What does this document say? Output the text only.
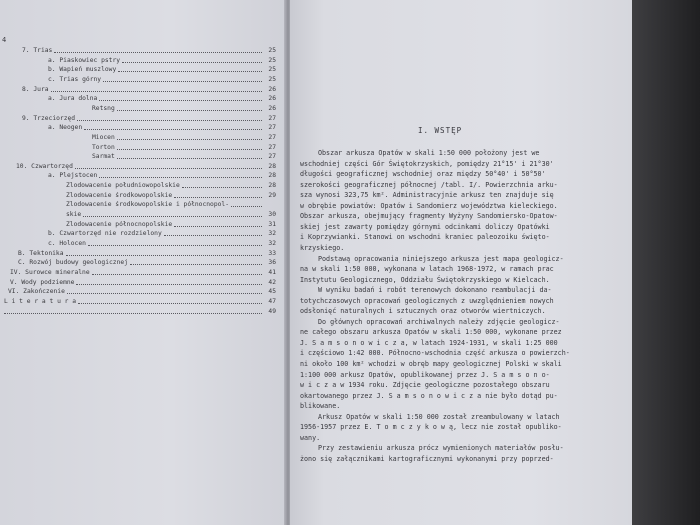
4
I. WSTĘP
7. Trias	25
a. Piaskowiec pstry	25
b. Wapień muszlowy	25
c. Trias górny	25
8. Jura	26
a. Jura dolna	26
Retsng	26
9. Trzeciorzęd	27
a. Neogen	27
Miocen	27
Torton	27
Sarmat	27
10. Czwartorzęd	28
a. Plejstocen	28
Zlodowacenie południowopolskie	28
Zlodowacenie środkowopolskie	29
Zlodowacenie środkowopolskie i północnopol-
skie	30
Zlodowacenie północnopolskie	31
b. Czwartorzęd nie rozdzielony	32
c. Holocen	32
B. Tektonika	33
C. Rozwój budowy geologicznej	36
IV. Surowce mineralne	41
V. Wody podziemne	42
VI. Zakończenie	45
L i t e r a t u r a	47
49
Obszar arkusza Opatów w skali 1:50 000 położony jest we
wschodniej części Gór Świętokrzyskich, pomiędzy 21°15' i 21°30'
długości geograficznej wschodniej oraz między 50°40' i 50°50'
szerokości geograficznej północnej /tabl. I/. Powierzchnia arku-
sza wynosi 323,75 km². Administracyjnie arkusz ten znajduje się
w obrębie powiatów: Opatów i Sandomierz województwa kieleckiego.
Obszar arkusza, obejmujący fragmenty Wyżyny Sandomiersko-Opatow-
skiej jest zawarty pomiędzy górnymi odcinkami doliczy Opatówki
i Koprzywianki. Stanowi on wschodni kraniec paleozoiku święto-
krzyskiego.
Podstawą opracowania niniejszego arkusza jest mapa geologicz-
na w skali 1:50 000, wykonana w latach 1968-1972, w ramach prac
Instytutu Geologicznego, Oddziału Świętokrzyskiego w Kielcach.
W wyniku badań i robót terenowych dokonano reambulacji da-
totychczasowych opracowań geologicznych z uwzględnieniem nowych
odsłonięć naturalnych i sztucznych oraz otworów wiertniczych.
Do głównych opracowań archiwalnych należy zdjęcie geologicz-
ne całego obszaru arkusza Opatów w skali 1:50 000, wykonane przez
J. S a m s o n o w i c z a, w latach 1924-1931, w skali 1:25 000
i częściowo 1:42 000. Północno-wschodnia część arkusza o powierzch-
ni około 100 km² wchodzi w obręb mapy geologicznej Polski w skali
1:100 000 arkusz Opatów, opublikowanej przez J. S a m s o n o-
w i c z a w 1934 roku. Zdjęcie geologiczne pozostałego obszaru
okartowanego przez J. S a m s o n o w i c z a nie było dotąd pu-
blikowane.
Arkusz Opatów w skali 1:50 000 został zreambulowany w latach
1956-1957 przez E. T o m c z y k o w ą, lecz nie został opubliko-
wany.
Przy zestawieniu arkusza prócz wymienionych materiałów posłu-
żono się załącznikami kartograficznymi wykonanymi przy poprzed-
